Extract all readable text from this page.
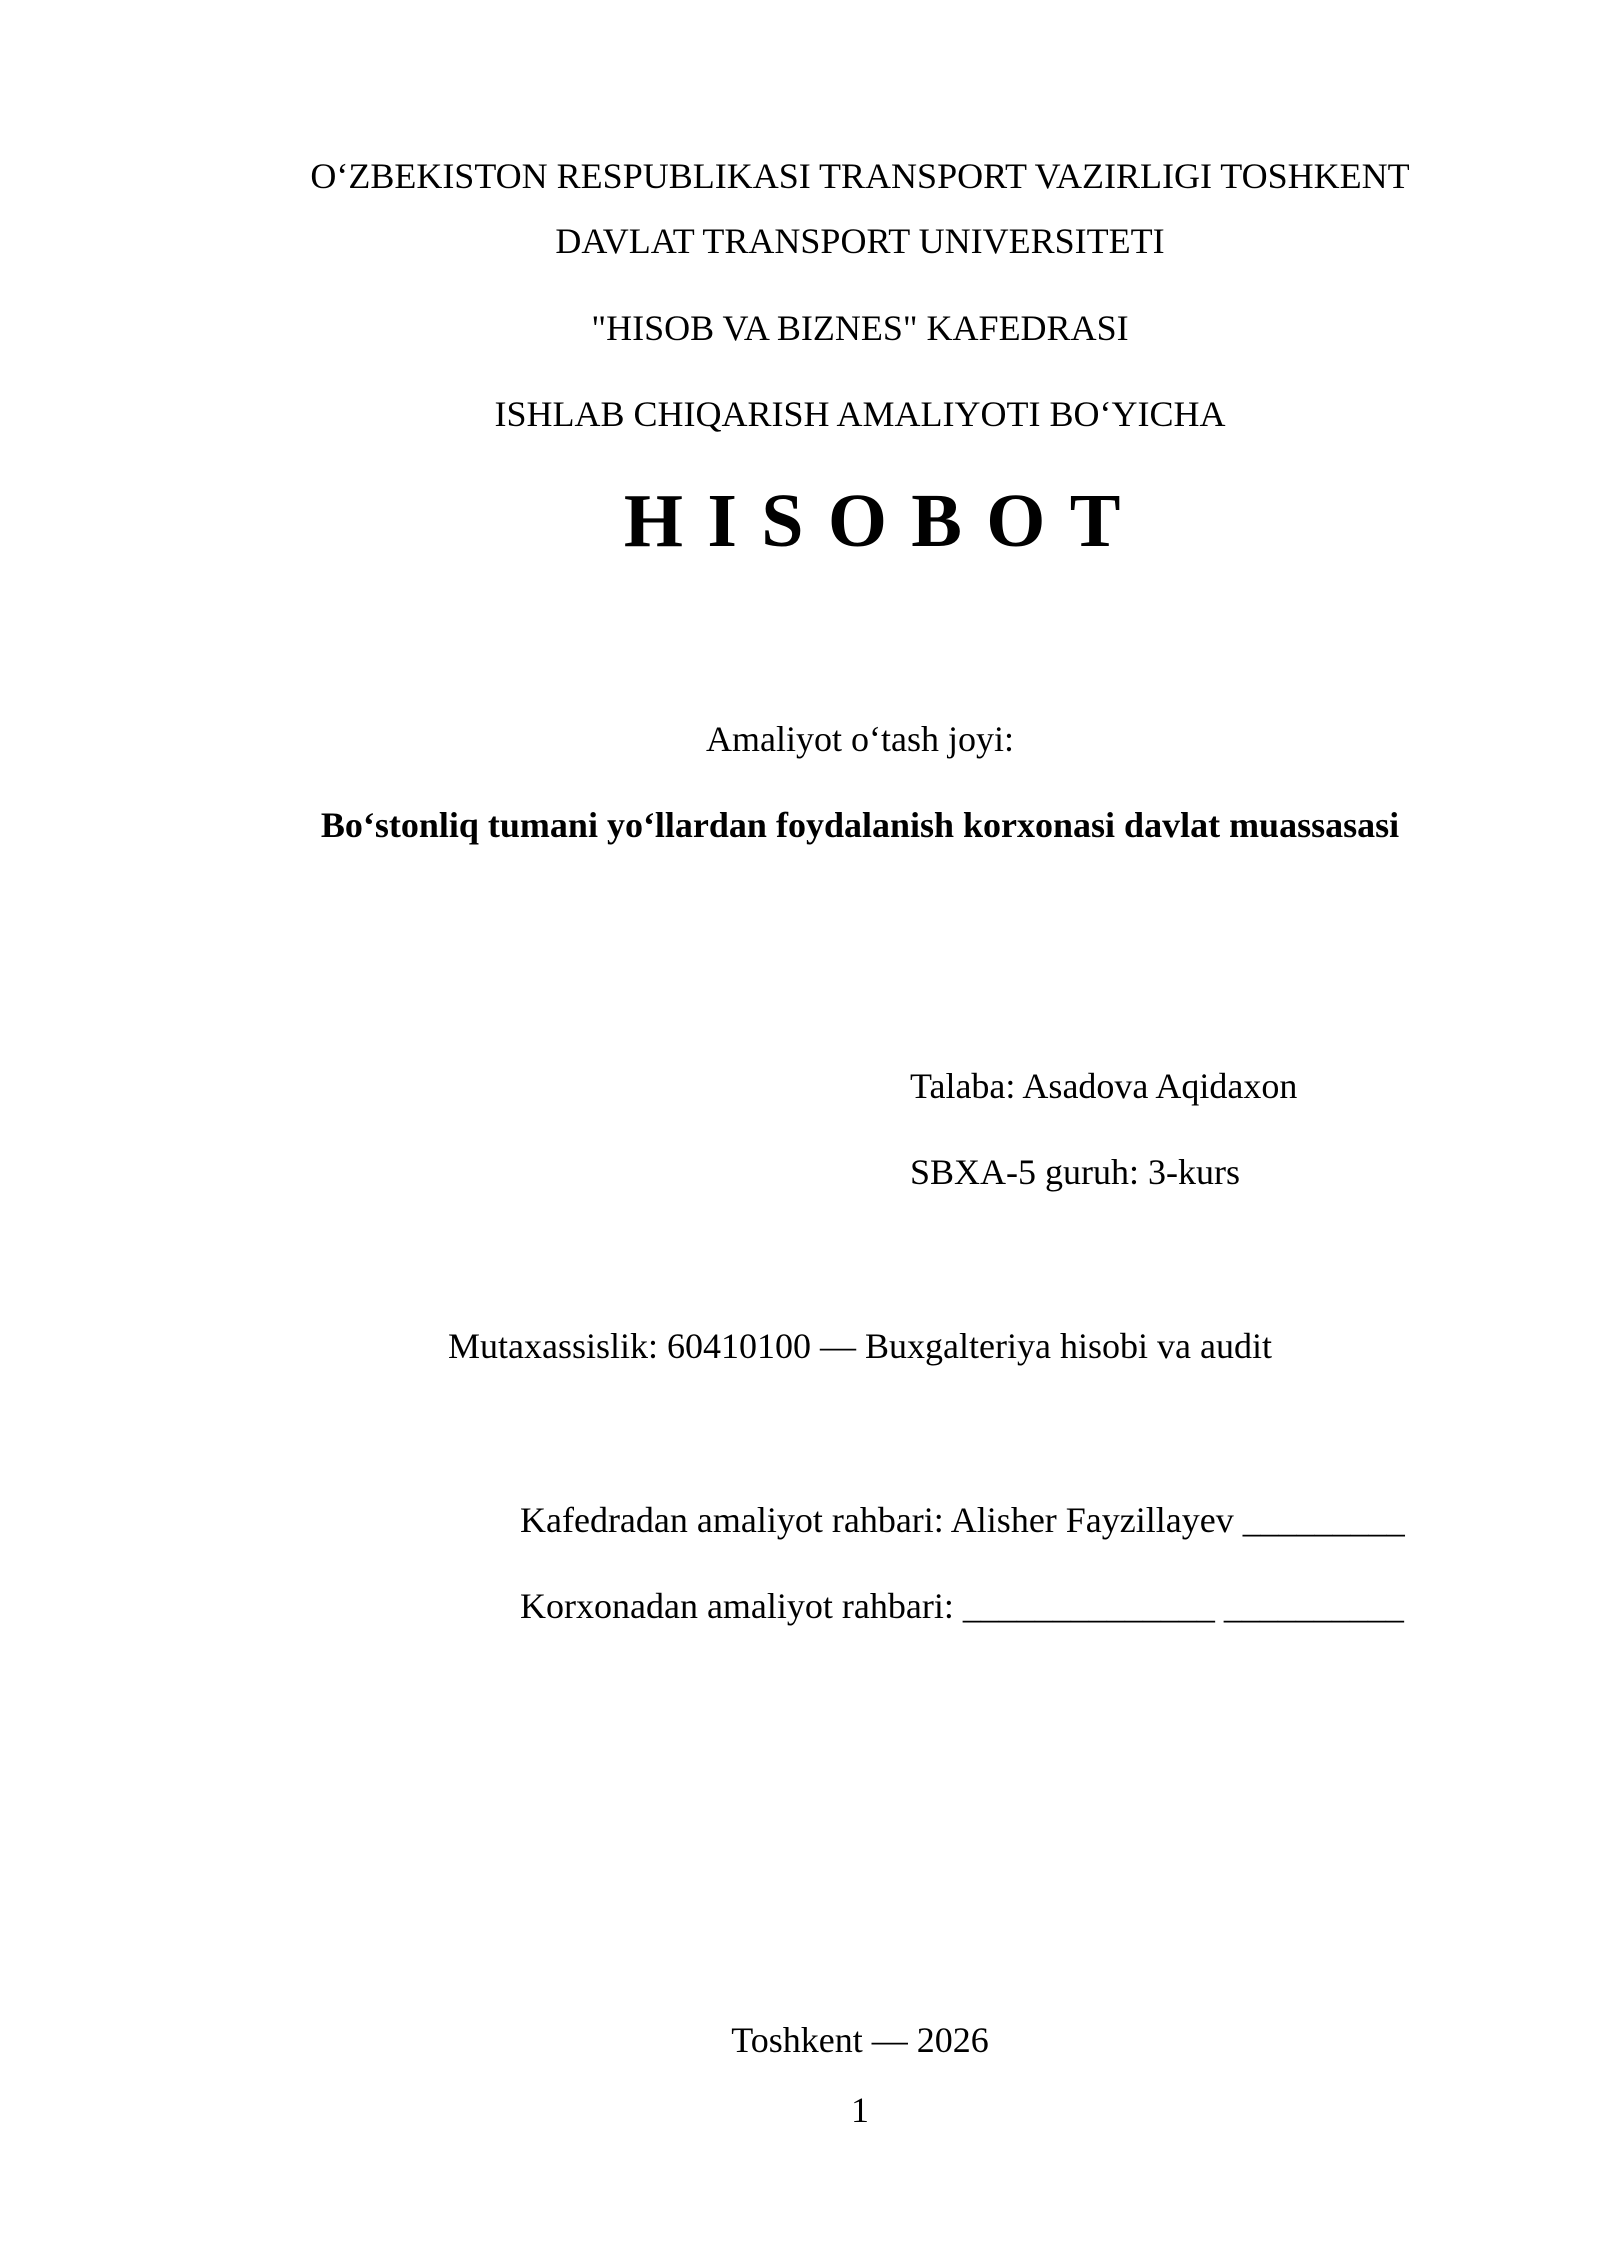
O‘ZBEKISTON RESPUBLIKASI TRANSPORT VAZIRLIGI TOSHKENT
DAVLAT TRANSPORT UNIVERSITETI
"HISOB VA BIZNES" KAFEDRASI
ISHLAB CHIQARISH AMALIYOTI BO‘YICHA
HISOBOT
Amaliyot o‘tash joyi:
Bo‘stonliq tumani yo‘llardan foydalanish korxonasi davlat muassasasi
Talaba: Asadova Aqidaxon
SBXA-5 guruh: 3-kurs
Mutaxassislik: 60410100 — Buxgalteriya hisobi va audit
Kafedradan amaliyot rahbari: Alisher Fayzillayev _________
Korxonadan amaliyot rahbari: ______________ __________
Toshkent — 2026
1
